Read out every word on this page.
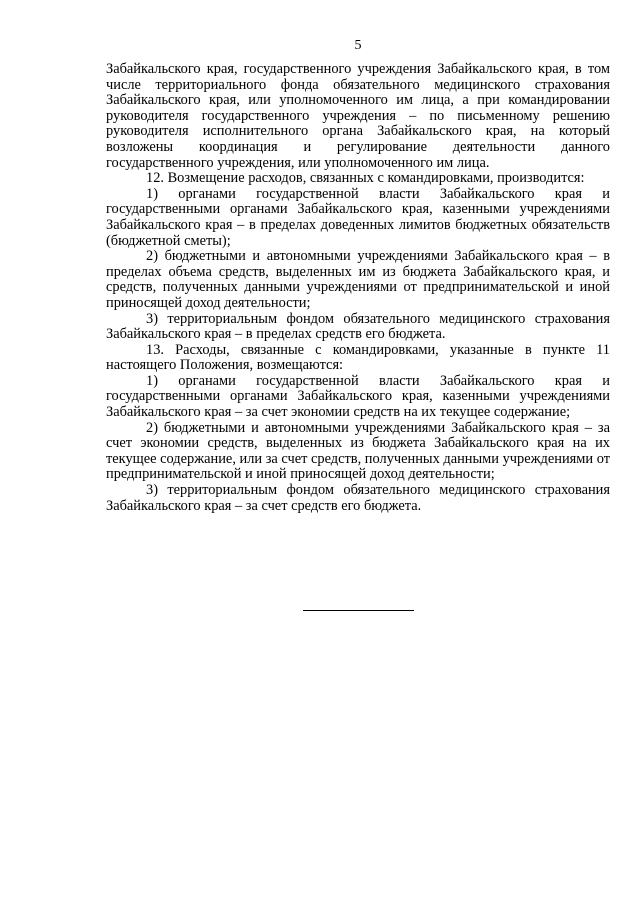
5

Забайкальского края, государственного учреждения Забайкальского края, в том числе территориального фонда обязательного медицинского страхования Забайкальского края, или уполномоченного им лица, а при командировании руководителя государственного учреждения – по письменному решению руководителя исполнительного органа Забайкальского края, на который возложены координация и регулирование деятельности данного государственного учреждения, или уполномоченного им лица.

12. Возмещение расходов, связанных с командировками, производится:

1) органами государственной власти Забайкальского края и государственными органами Забайкальского края, казенными учреждениями Забайкальского края – в пределах доведенных лимитов бюджетных обязательств (бюджетной сметы);

2) бюджетными и автономными учреждениями Забайкальского края – в пределах объема средств, выделенных им из бюджета Забайкальского края, и средств, полученных данными учреждениями от предпринимательской и иной приносящей доход деятельности;

3) территориальным фондом обязательного медицинского страхования Забайкальского края – в пределах средств его бюджета.

13. Расходы, связанные с командировками, указанные в пункте 11 настоящего Положения, возмещаются:

1) органами государственной власти Забайкальского края и государственными органами Забайкальского края, казенными учреждениями Забайкальского края – за счет экономии средств на их текущее содержание;

2) бюджетными и автономными учреждениями Забайкальского края – за счет экономии средств, выделенных из бюджета Забайкальского края на их текущее содержание, или за счет средств, полученных данными учреждениями от предпринимательской и иной приносящей доход деятельности;

3) территориальным фондом обязательного медицинского страхования Забайкальского края – за счет средств его бюджета.
